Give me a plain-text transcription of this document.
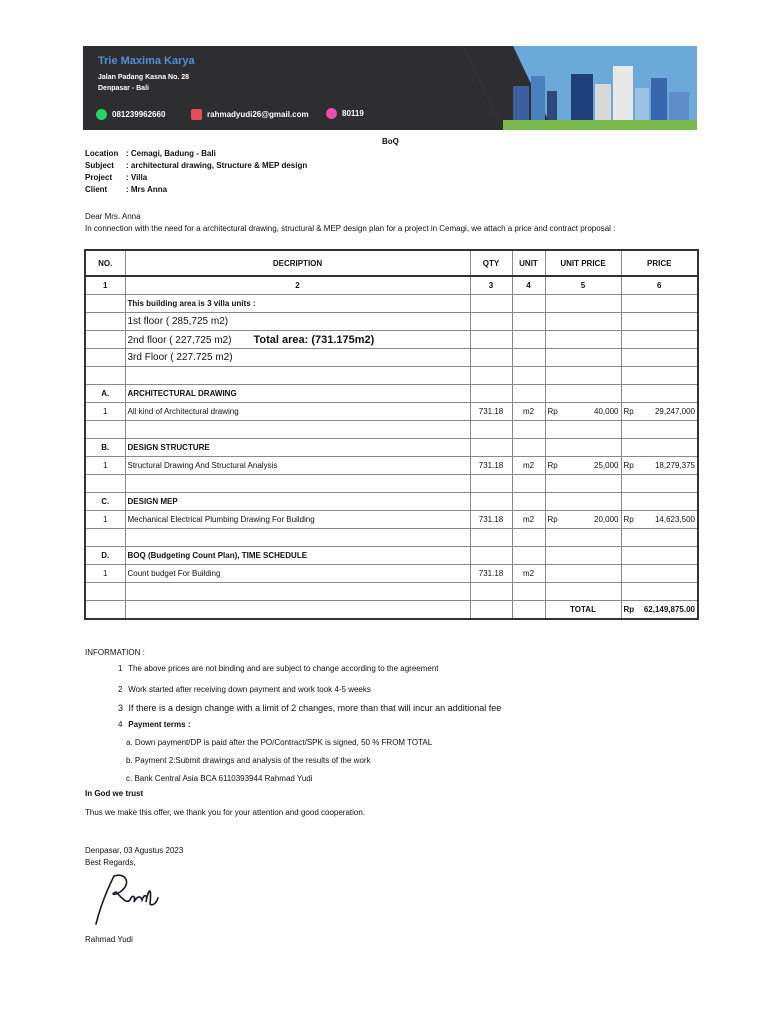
Trie Maxima Karya
Jalan Padang Kasna No. 28
Denpasar - Bali
081239962660	rahmadyudi26@gmail.com	80119
BoQ
Location : Cemagi, Badung - Bali
Subject : architectural drawing, Structure & MEP design
Project : Villa
Client : Mrs Anna
Dear Mrs. Anna
In connection with the need for a architectural drawing, structural & MEP design plan for a project in Cemagi, we attach a price and contract proposal :
NO.	DECRIPTION	QTY	UNIT	UNIT PRICE	PRICE
1	2	3	4	5	6
	This building area is 3 villa units :				
	1st floor ( 285,725 m2)				
	2nd floor ( 227,725 m2) Total area: (731.175m2)				
	3rd Floor ( 227.725 m2)				

A.	ARCHITECTURAL DRAWING				
1	All kind of Architectural drawing	731.18	m2	Rp 40,000	Rp 29,247,000

B.	DESIGN STRUCTURE				
1	Structural Drawing And Structural Analysis	731.18	m2	Rp 25,000	Rp 18,279,375

C.	DESIGN MEP				
1	Mechanical Electrical Plumbing Drawing For Building	731.18	m2	Rp 20,000	Rp 14,623,500

D.	BOQ (Budgeting Count Plan), TIME SCHEDULE				
1	Count budget For Building	731.18	m2		

				TOTAL	Rp 62,149,875.00
INFORMATION :
1 The above prices are not binding and are subject to change according to the agreement
2 Work started after receiving down payment and work took 4-5 weeks
3 If there is a design change with a limit of 2 changes, more than that will incur an additional fee
4 Payment terms :
a. Down payment/DP is paid after the PO/Contract/SPK is signed, 50 % FROM TOTAL
b. Payment 2:Submit drawings and analysis of the results of the work
c. Bank Central Asia BCA 6110393944 Rahmad Yudi
In God we trust
Thus we make this offer, we thank you for your attention and good cooperation.
Denpasar, 03 Agustus 2023
Best Regards,
Rahmad Yudi
